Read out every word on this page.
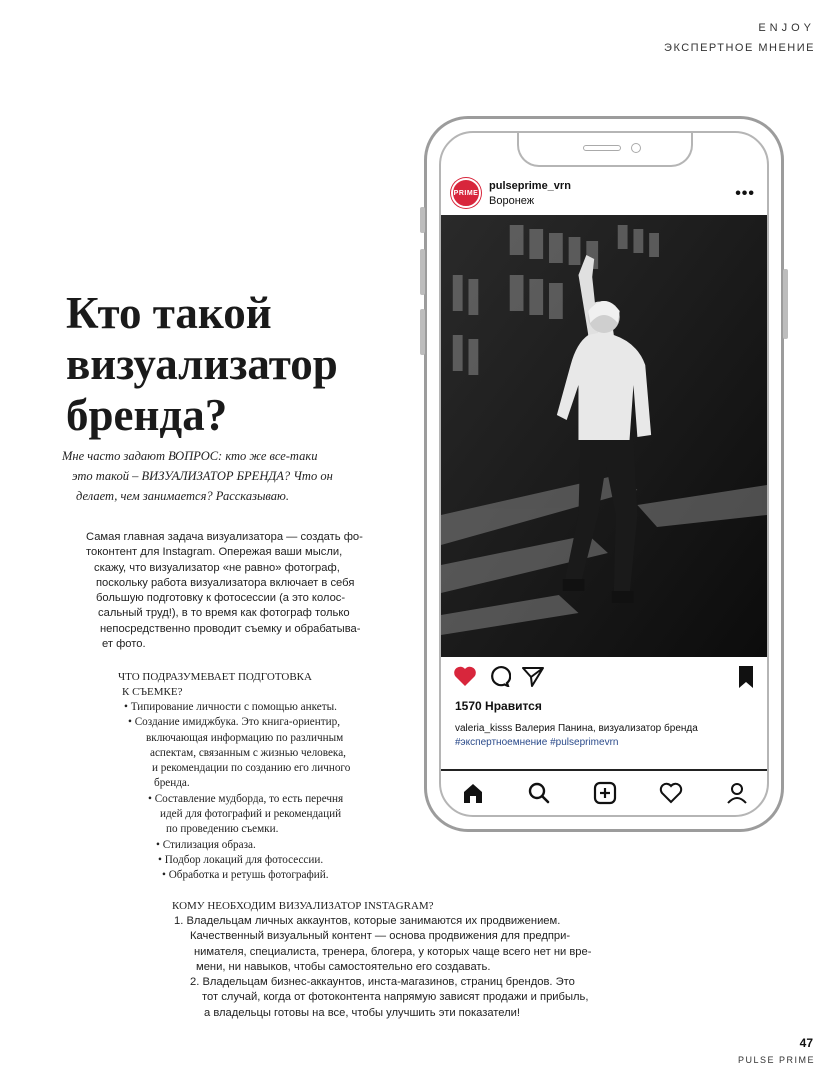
ENJOY
ЭКСПЕРТНОЕ МНЕНИЕ
Кто такой
визуализатор
бренда?
Мне часто задают ВОПРОС: кто же все-таки
это такой – ВИЗУАЛИЗАТОР БРЕНДА? Что он
делает, чем занимается? Рассказываю.
Самая главная задача визуализатора — создать фо-
токонтент для Instagram. Опережая ваши мысли,
скажу, что визуализатор «не равно» фотограф,
поскольку работа визуализатора включает в себя
большую подготовку к фотосессии (а это колос-
сальный труд!), в то время как фотограф только
непосредственно проводит съемку и обрабатыва-
ет фото.
ЧТО ПОДРАЗУМЕВАЕТ ПОДГОТОВКА
К СЪЕМКЕ?
• Типирование личности с помощью анкеты.
• Создание имиджбука. Это книга-ориентир,
включающая информацию по различным
аспектам, связанным с жизнью человека,
и рекомендации по созданию его личного
бренда.
• Составление мудборда, то есть перечня
идей для фотографий и рекомендаций
по проведению съемки.
• Стилизация образа.
• Подбор локаций для фотосессии.
• Обработка и ретушь фотографий.
КОМУ НЕОБХОДИМ ВИЗУАЛИЗАТОР INSTAGRAM?
1. Владельцам личных аккаунтов, которые занимаются их продвижением.
Качественный визуальный контент — основа продвижения для предпри-
нимателя, специалиста, тренера, блогера, у которых чаще всего нет ни вре-
мени, ни навыков, чтобы самостоятельно его создавать.
2. Владельцам бизнес-аккаунтов, инста-магазинов, страниц брендов. Это
тот случай, когда от фотоконтента напрямую зависят продажи и прибыль,
а владельцы готовы на все, чтобы улучшить эти показатели!
PRIME
pulseprime_vrn
Воронеж	•••
1570 Нравится
valeria_kisss Валерия Панина, визуализатор бренда
#экспертноемнение #pulseprimevrn
47
PULSE PRIME
